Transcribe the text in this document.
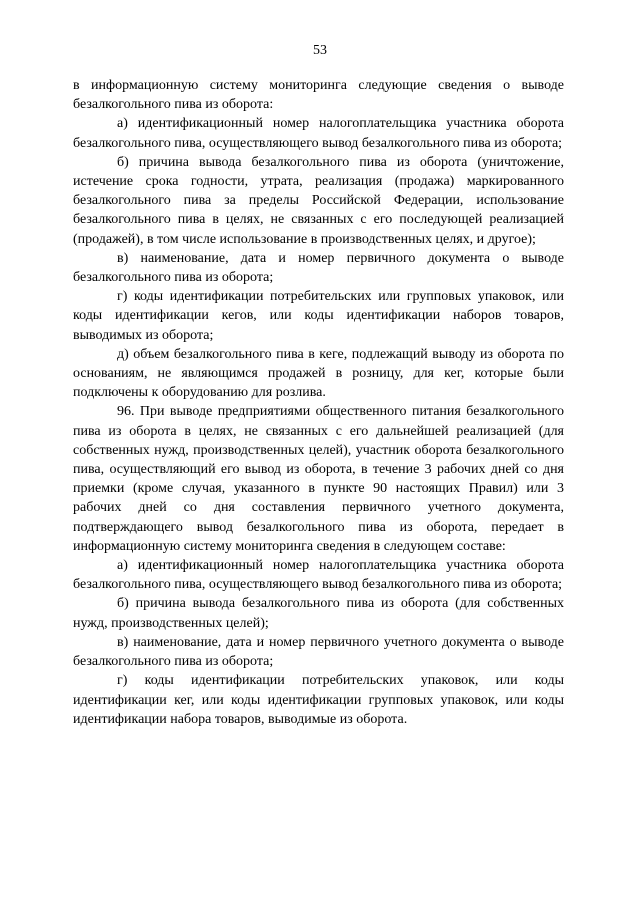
53

в информационную систему мониторинга следующие сведения о выводе безалкогольного пива из оборота:

а) идентификационный номер налогоплательщика участника оборота безалкогольного пива, осуществляющего вывод безалкогольного пива из оборота;

б) причина вывода безалкогольного пива из оборота (уничтожение, истечение срока годности, утрата, реализация (продажа) маркированного безалкогольного пива за пределы Российской Федерации, использование безалкогольного пива в целях, не связанных с его последующей реализацией (продажей), в том числе использование в производственных целях, и другое);

в) наименование, дата и номер первичного документа о выводе безалкогольного пива из оборота;

г) коды идентификации потребительских или групповых упаковок, или коды идентификации кегов, или коды идентификации наборов товаров, выводимых из оборота;

д) объем безалкогольного пива в кеге, подлежащий выводу из оборота по основаниям, не являющимся продажей в розницу, для кег, которые были подключены к оборудованию для розлива.

96. При выводе предприятиями общественного питания безалкогольного пива из оборота в целях, не связанных с его дальнейшей реализацией (для собственных нужд, производственных целей), участник оборота безалкогольного пива, осуществляющий его вывод из оборота, в течение 3 рабочих дней со дня приемки (кроме случая, указанного в пункте 90 настоящих Правил) или 3 рабочих дней со дня составления первичного учетного документа, подтверждающего вывод безалкогольного пива из оборота, передает в информационную систему мониторинга сведения в следующем составе:

а) идентификационный номер налогоплательщика участника оборота безалкогольного пива, осуществляющего вывод безалкогольного пива из оборота;

б) причина вывода безалкогольного пива из оборота (для собственных нужд, производственных целей);

в) наименование, дата и номер первичного учетного документа о выводе безалкогольного пива из оборота;

г) коды идентификации потребительских упаковок, или коды идентификации кег, или коды идентификации групповых упаковок, или коды идентификации набора товаров, выводимые из оборота.
